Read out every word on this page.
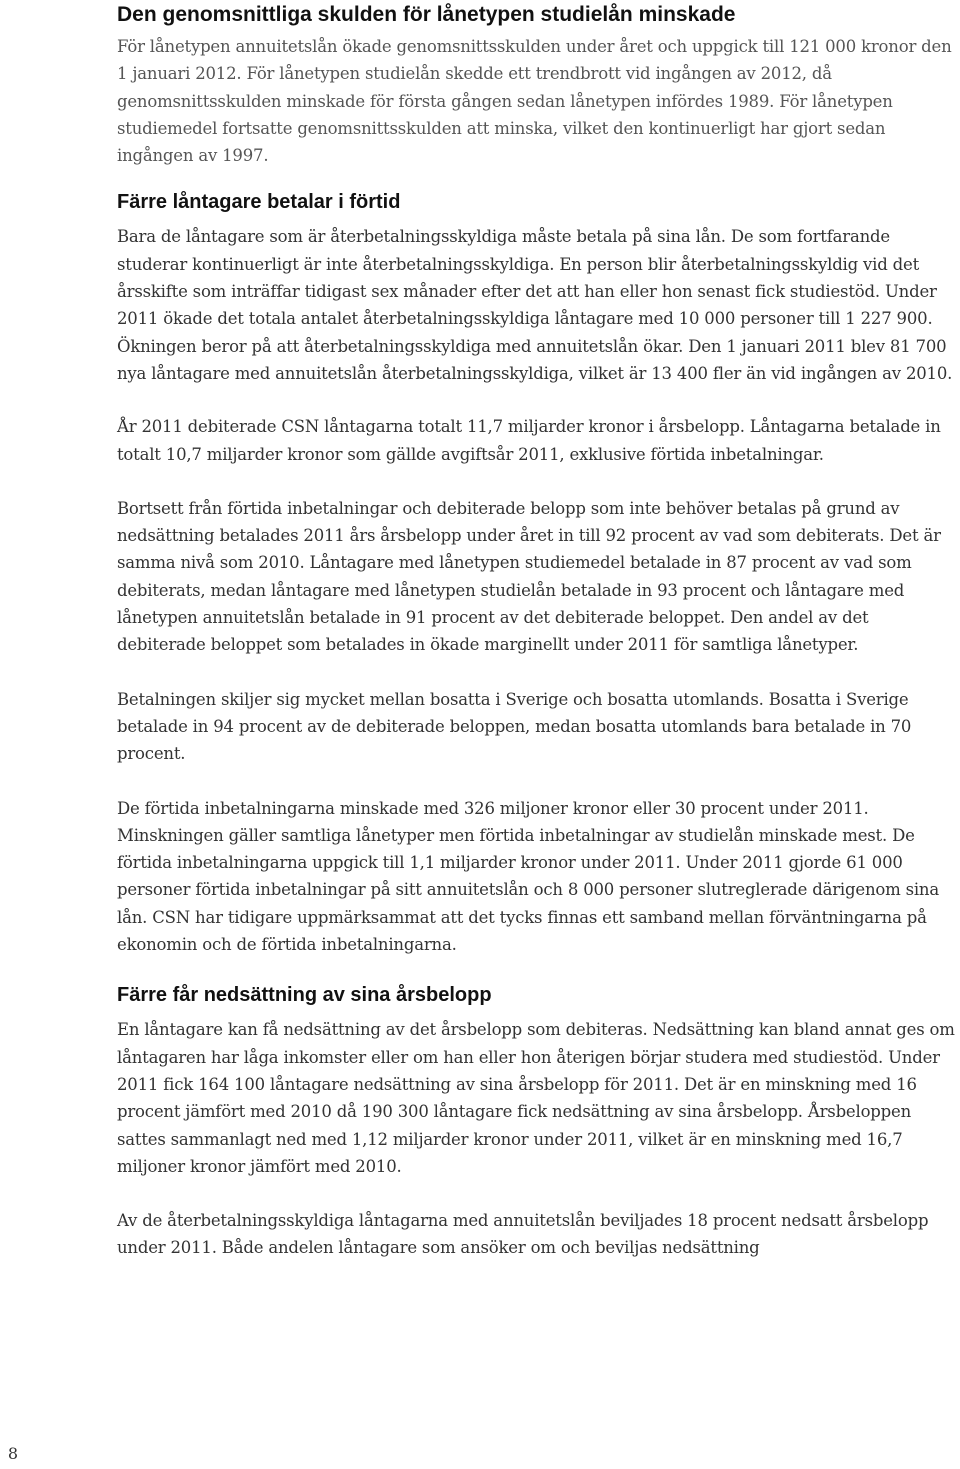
Den genomsnittliga skulden för lånetypen studielån minskade

För lånetypen annuitetslån ökade genomsnittsskulden under året och uppgick till 121 000 kronor den 1 januari 2012. För lånetypen studielån skedde ett trendbrott vid ingången av 2012, då genomsnittsskulden minskade för första gången sedan lånetypen infördes 1989. För lånetypen studiemedel fortsatte genomsnittsskulden att minska, vilket den kontinuerligt har gjort sedan ingången av 1997.

Färre låntagare betalar i förtid

Bara de låntagare som är återbetalningsskyldiga måste betala på sina lån. De som fortfarande studerar kontinuerligt är inte återbetalningsskyldiga. En person blir återbetalningsskyldig vid det årsskifte som inträffar tidigast sex månader efter det att han eller hon senast fick studiestöd. Under 2011 ökade det totala antalet återbetalningsskyldiga låntagare med 10 000 personer till 1 227 900. Ökningen beror på att återbetalningsskyldiga med annuitetslån ökar. Den 1 januari 2011 blev 81 700 nya låntagare med annuitetslån återbetalningsskyldiga, vilket är 13 400 fler än vid ingången av 2010.

År 2011 debiterade CSN låntagarna totalt 11,7 miljarder kronor i årsbelopp. Låntagarna betalade in totalt 10,7 miljarder kronor som gällde avgiftsår 2011, exklusive förtida inbetalningar.

Bortsett från förtida inbetalningar och debiterade belopp som inte behöver betalas på grund av nedsättning betalades 2011 års årsbelopp under året in till 92 procent av vad som debiterats. Det är samma nivå som 2010. Låntagare med lånetypen studiemedel betalade in 87 procent av vad som debiterats, medan låntagare med lånetypen studielån betalade in 93 procent och låntagare med lånetypen annuitetslån betalade in 91 procent av det debiterade beloppet. Den andel av det debiterade beloppet som betalades in ökade marginellt under 2011 för samtliga lånetyper.

Betalningen skiljer sig mycket mellan bosatta i Sverige och bosatta utomlands. Bosatta i Sverige betalade in 94 procent av de debiterade beloppen, medan bosatta utomlands bara betalade in 70 procent.

De förtida inbetalningarna minskade med 326 miljoner kronor eller 30 procent under 2011. Minskningen gäller samtliga lånetyper men förtida inbetalningar av studielån minskade mest. De förtida inbetalningarna uppgick till 1,1 miljarder kronor under 2011. Under 2011 gjorde 61 000 personer förtida inbetalningar på sitt annuitetslån och 8 000 personer slutreglerade därigenom sina lån. CSN har tidigare uppmärksammat att det tycks finnas ett samband mellan förväntningarna på ekonomin och de förtida inbetalningarna.

Färre får nedsättning av sina årsbelopp

En låntagare kan få nedsättning av det årsbelopp som debiteras. Nedsättning kan bland annat ges om låntagaren har låga inkomster eller om han eller hon återigen börjar studera med studiestöd. Under 2011 fick 164 100 låntagare nedsättning av sina årsbelopp för 2011. Det är en minskning med 16 procent jämfört med 2010 då 190 300 låntagare fick nedsättning av sina årsbelopp. Årsbeloppen sattes sammanlagt ned med 1,12 miljarder kronor under 2011, vilket är en minskning med 16,7 miljoner kronor jämfört med 2010.

Av de återbetalningsskyldiga låntagarna med annuitetslån beviljades 18 procent nedsatt årsbelopp under 2011. Både andelen låntagare som ansöker om och beviljas nedsättning

8
